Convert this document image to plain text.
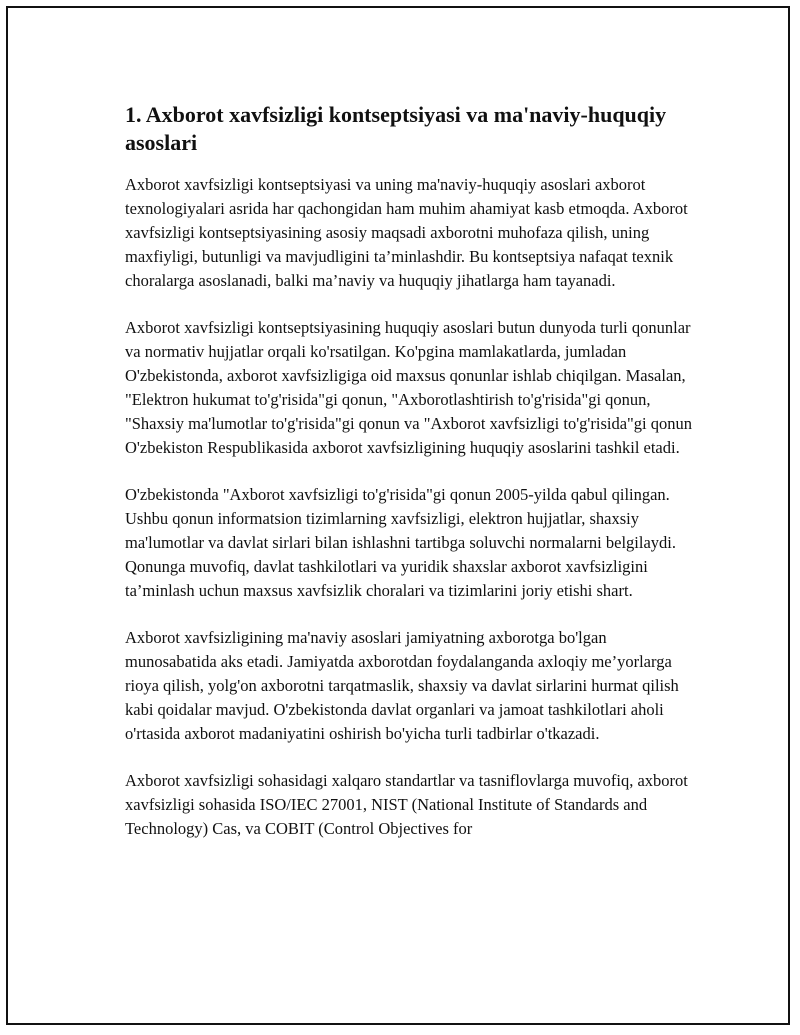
1. Axborot xavfsizligi kontseptsiyasi va ma'naviy-huquqiy asoslari

Axborot xavfsizligi kontseptsiyasi va uning ma'naviy-huquqiy asoslari axborot texnologiyalari asrida har qachongidan ham muhim ahamiyat kasb etmoqda. Axborot xavfsizligi kontseptsiyasining asosiy maqsadi axborotni muhofaza qilish, uning maxfiyligi, butunligi va mavjudligini ta’minlashdir. Bu kontseptsiya nafaqat texnik choralarga asoslanadi, balki ma’naviy va huquqiy jihatlarga ham tayanadi.

Axborot xavfsizligi kontseptsiyasining huquqiy asoslari butun dunyoda turli qonunlar va normativ hujjatlar orqali ko'rsatilgan. Ko'pgina mamlakatlarda, jumladan O'zbekistonda, axborot xavfsizligiga oid maxsus qonunlar ishlab chiqilgan. Masalan, "Elektron hukumat to'g'risida"gi qonun, "Axborotlashtirish to'g'risida"gi qonun, "Shaxsiy ma'lumotlar to'g'risida"gi qonun va "Axborot xavfsizligi to'g'risida"gi qonun O'zbekiston Respublikasida axborot xavfsizligining huquqiy asoslarini tashkil etadi.

O'zbekistonda "Axborot xavfsizligi to'g'risida"gi qonun 2005-yilda qabul qilingan. Ushbu qonun informatsion tizimlarning xavfsizligi, elektron hujjatlar, shaxsiy ma'lumotlar va davlat sirlari bilan ishlashni tartibga soluvchi normalarni belgilaydi. Qonunga muvofiq, davlat tashkilotlari va yuridik shaxslar axborot xavfsizligini ta’minlash uchun maxsus xavfsizlik choralari va tizimlarini joriy etishi shart.

Axborot xavfsizligining ma'naviy asoslari jamiyatning axborotga bo'lgan munosabatida aks etadi. Jamiyatda axborotdan foydalanganda axloqiy me’yorlarga rioya qilish, yolg'on axborotni tarqatmaslik, shaxsiy va davlat sirlarini hurmat qilish kabi qoidalar mavjud. O'zbekistonda davlat organlari va jamoat tashkilotlari aholi o'rtasida axborot madaniyatini oshirish bo'yicha turli tadbirlar o'tkazadi.

Axborot xavfsizligi sohasidagi xalqaro standartlar va tasniflovlarga muvofiq, axborot xavfsizligi sohasida ISO/IEC 27001, NIST (National Institute of Standards and Technology) Cas, va COBIT (Control Objectives for
